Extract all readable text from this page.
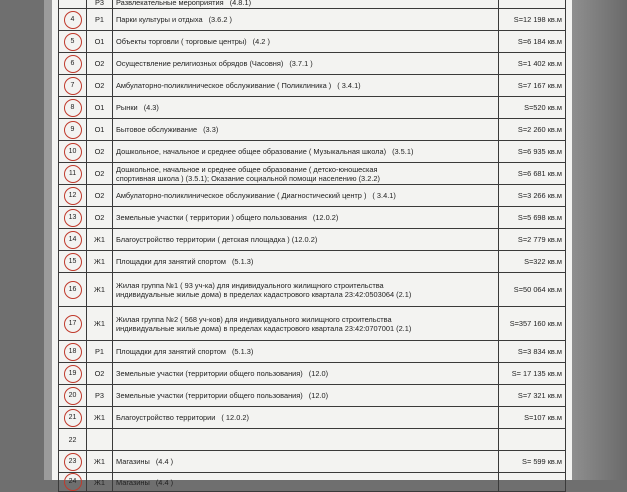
	P3	Развлекательные мероприятия (4.8.1)	
4	P1	Парки культуры и отдыха (3.6.2 )	S=12 198 кв.м
5	O1	Объекты торговли ( торговые центры) (4.2 )	S=6 184 кв.м
6	O2	Осуществление религиозных обрядов (Часовня) (3.7.1 )	S=1 402 кв.м
7	O2	Амбулаторно-поликлиническое обслуживание ( Поликлиника ) ( 3.4.1)	S=7 167 кв.м
8	O1	Рынки (4.3)	S=520 кв.м
9	O1	Бытовое обслуживание (3.3)	S=2 260 кв.м
10	O2	Дошкольное, начальное и среднее общее образование ( Музыкальная школа) (3.5.1)	S=6 935 кв.м
11	O2	Дошкольное, начальное и среднее общее образование ( детско-юношеская
спортивная школа ) (3.5.1); Оказание социальной помощи населению (3.2.2)	S=6 681 кв.м
12	O2	Амбулаторно-поликлиническое обслуживание ( Диагностический центр ) ( 3.4.1)	S=3 266 кв.м
13	O2	Земельные участки ( территории ) общего пользования (12.0.2)	S=5 698 кв.м
14	Ж1	Благоустройство территории ( детская площадка ) (12.0.2)	S=2 779 кв.м
15	Ж1	Площадки для занятий спортом (5.1.3)	S=322 кв.м
16	Ж1	Жилая группа №1 ( 93 уч-ка) для индивидуального жилищного строительства
индивидуальные жилые дома) в пределах кадастрового квартала 23:42:0503064 (2.1)	S=50 064 кв.м
17	Ж1	Жилая группа №2 ( 568 уч-ков) для индивидуального жилищного строительства
индивидуальные жилые дома) в пределах кадастрового квартала 23:42:0707001 (2.1)	S=357 160 кв.м
18	P1	Площадки для занятий спортом (5.1.3)	S=3 834 кв.м
19	O2	Земельные участки (территории общего пользования) (12.0)	S= 17 135 кв.м
20	P3	Земельные участки (территории общего пользования) (12.0)	S=7 321 кв.м
21	Ж1	Благоустройство территории ( 12.0.2)	S=107 кв.м
22			
23	Ж1	Магазины (4.4 )	S= 599 кв.м
24	Ж1	Магазины (4.4 )	
